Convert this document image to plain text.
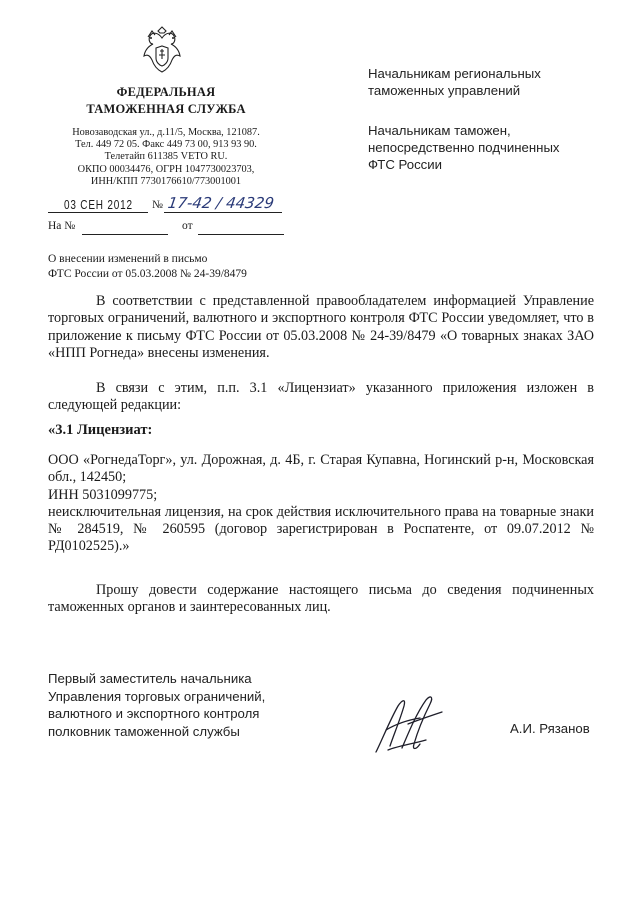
ФЕДЕРАЛЬНАЯ
ТАМОЖЕННАЯ СЛУЖБА
Новозаводская ул., д.11/5, Москва, 121087.
Тел. 449 72 05. Факс 449 73 00, 913 93 90.
Телетайп 611385 VETO RU.
ОКПО 00034476, ОГРН 1047730023703,
ИНН/КПП 7730176610/773001001
03 СЕН 2012 № 17-42 / 44329
На №	от
О внесении изменений в письмо
ФТС России от 05.03.2008 № 24-39/8479
Начальникам региональных
таможенных управлений
Начальникам таможен,
непосредственно подчиненных
ФТС России
В соответствии с представленной правообладателем информацией Управление торговых ограничений, валютного и экспортного контроля ФТС России уведомляет, что в приложение к письму ФТС России от 05.03.2008 № 24-39/8479 «О товарных знаках ЗАО «НПП Рогнеда» внесены изменения.
В связи с этим, п.п. 3.1 «Лицензиат» указанного приложения изложен в следующей редакции:
«3.1 Лицензиат:
ООО «РогнедаТорг», ул. Дорожная, д. 4Б, г. Старая Купавна, Ногинский р-н, Московская обл., 142450;
ИНН 5031099775;
неисключительная лицензия, на срок действия исключительного права на товарные знаки № 284519, № 260595 (договор зарегистрирован в Роспатенте, от 09.07.2012 № РД0102525).»
Прошу довести содержание настоящего письма до сведения подчиненных таможенных органов и заинтересованных лиц.
Первый заместитель начальника
Управления торговых ограничений,
валютного и экспортного контроля
полковник таможенной службы	А.И. Рязанов
